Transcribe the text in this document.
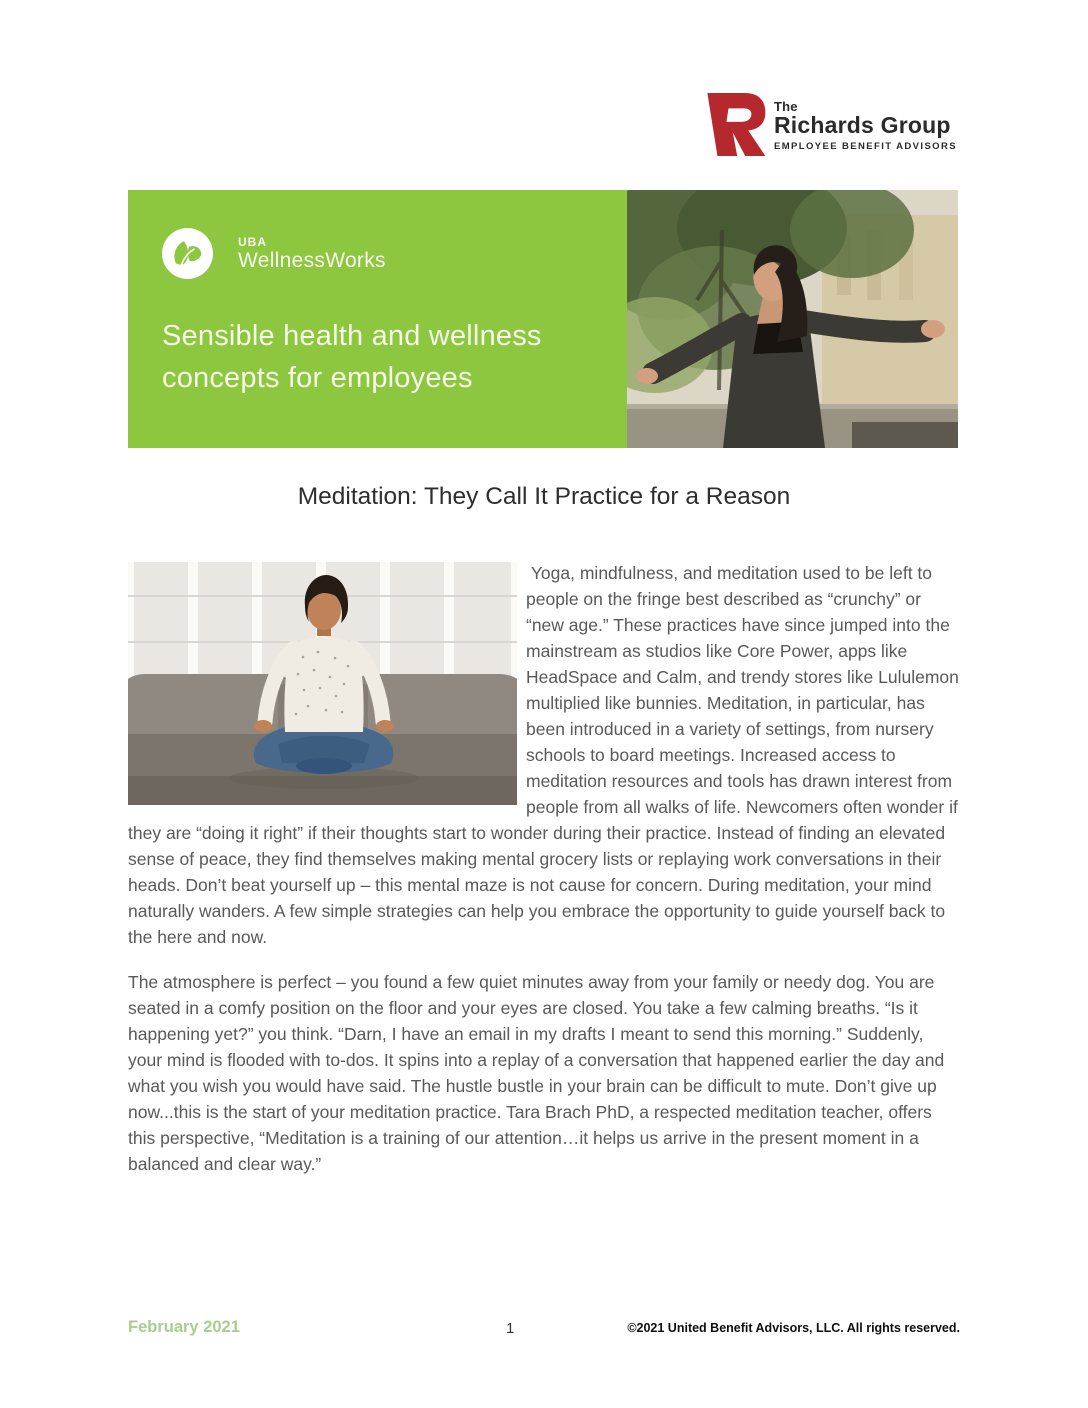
The
Richards Group
EMPLOYEE BENEFIT ADVISORS
UBA
WellnessWorks
Sensible health and wellness
concepts for employees
Meditation: They Call It Practice for a Reason

Yoga, mindfulness, and meditation used to be left to people on the fringe best described as “crunchy” or “new age.” These practices have since jumped into the mainstream as studios like Core Power, apps like HeadSpace and Calm, and trendy stores like Lululemon multiplied like bunnies. Meditation, in particular, has been introduced in a variety of settings, from nursery schools to board meetings. Increased access to meditation resources and tools has drawn interest from people from all walks of life. Newcomers often wonder if they are “doing it right” if their thoughts start to wonder during their practice. Instead of finding an elevated sense of peace, they find themselves making mental grocery lists or replaying work conversations in their heads. Don’t beat yourself up – this mental maze is not cause for concern. During meditation, your mind naturally wanders. A few simple strategies can help you embrace the opportunity to guide yourself back to the here and now.

The atmosphere is perfect – you found a few quiet minutes away from your family or needy dog. You are seated in a comfy position on the floor and your eyes are closed. You take a few calming breaths. “Is it happening yet?” you think. “Darn, I have an email in my drafts I meant to send this morning.” Suddenly, your mind is flooded with to-dos. It spins into a replay of a conversation that happened earlier the day and what you wish you would have said. The hustle bustle in your brain can be difficult to mute. Don’t give up now...this is the start of your meditation practice. Tara Brach PhD, a respected meditation teacher, offers this perspective, “Meditation is a training of our attention…it helps us arrive in the present moment in a balanced and clear way.”

February 2021	1	©2021 United Benefit Advisors, LLC. All rights reserved.
